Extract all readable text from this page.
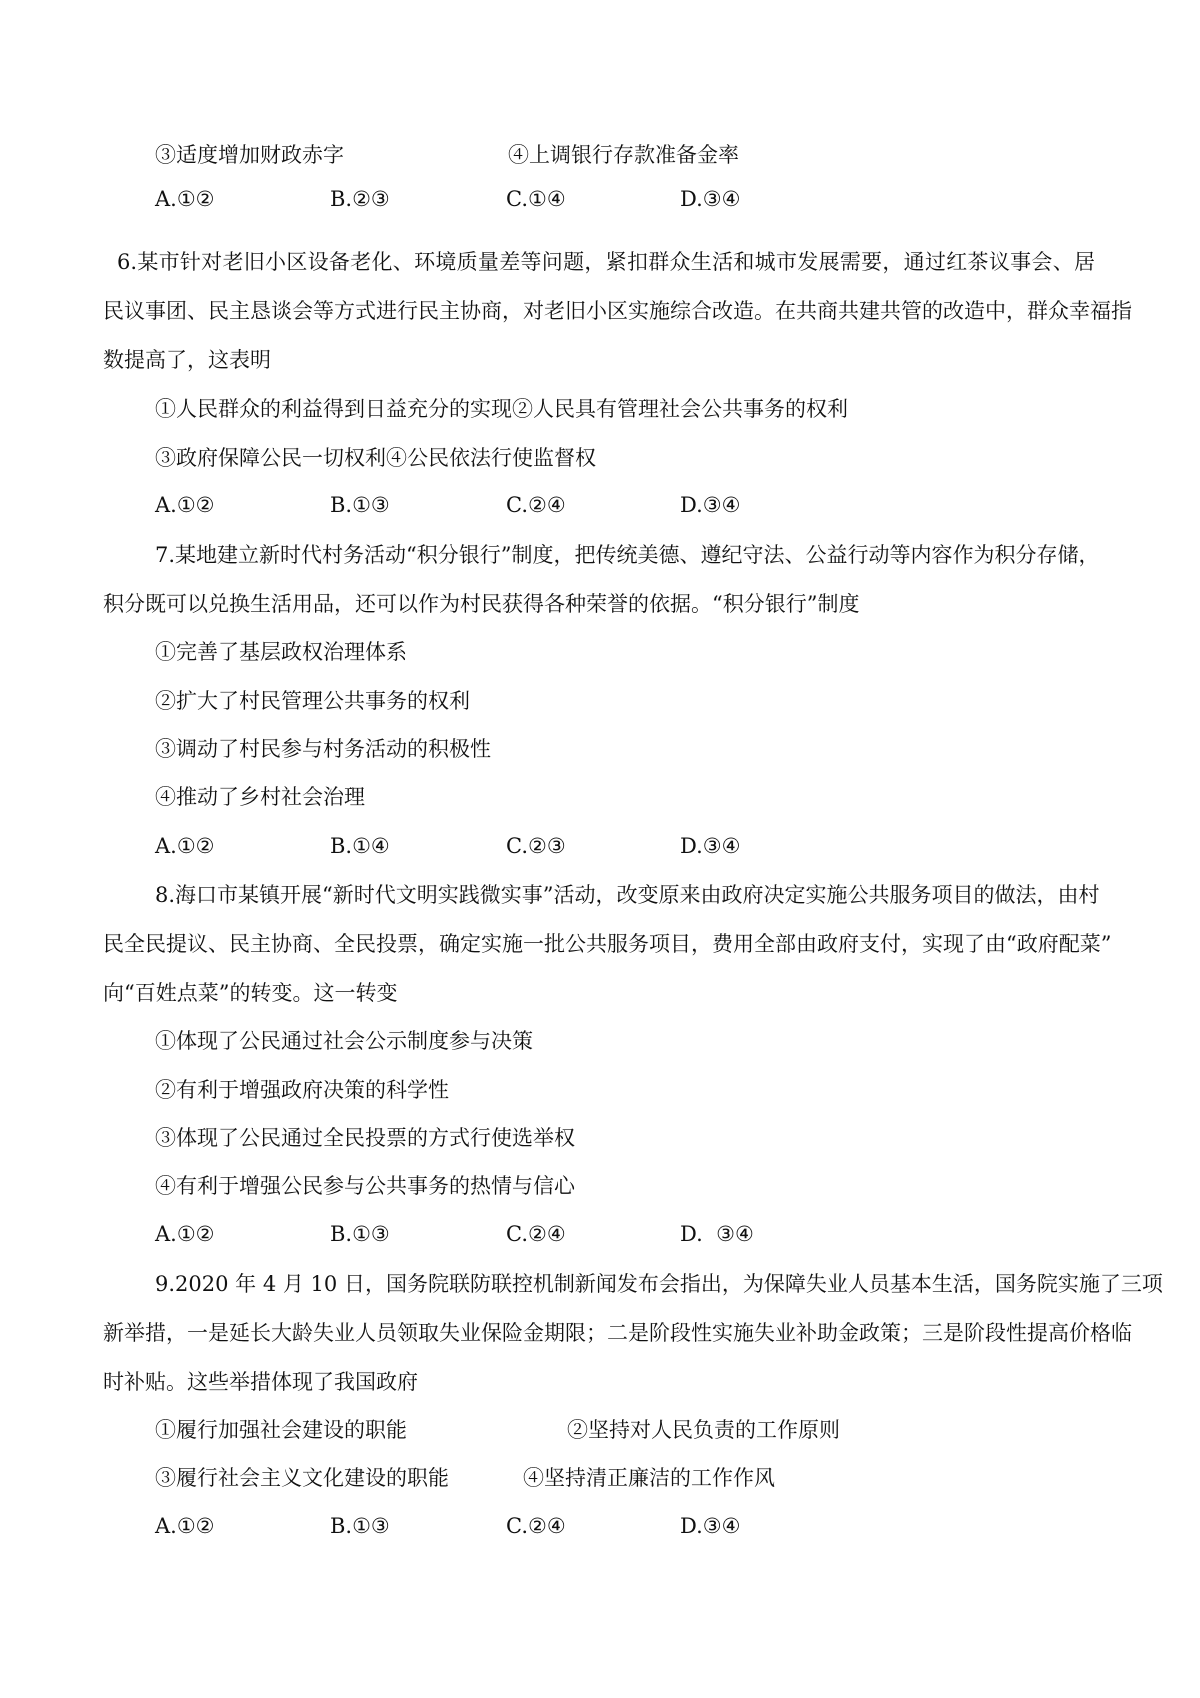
③适度增加财政赤字	④上调银行存款准备金率
A.①②	B.②③	C.①④	D.③④
6.某市针对老旧小区设备老化、环境质量差等问题，紧扣群众生活和城市发展需要，通过红茶议事会、居
民议事团、民主恳谈会等方式进行民主协商，对老旧小区实施综合改造。在共商共建共管的改造中，群众幸福指
数提高了，这表明
①人民群众的利益得到日益充分的实现②人民具有管理社会公共事务的权利
③政府保障公民一切权利④公民依法行使监督权
A.①②	B.①③	C.②④	D.③④
7.某地建立新时代村务活动“积分银行”制度，把传统美德、遵纪守法、公益行动等内容作为积分存储，
积分既可以兑换生活用品，还可以作为村民获得各种荣誉的依据。“积分银行”制度
①完善了基层政权治理体系
②扩大了村民管理公共事务的权利
③调动了村民参与村务活动的积极性
④推动了乡村社会治理
A.①②	B.①④	C.②③	D.③④
8.海口市某镇开展“新时代文明实践微实事”活动，改变原来由政府决定实施公共服务项目的做法，由村
民全民提议、民主协商、全民投票，确定实施一批公共服务项目，费用全部由政府支付，实现了由“政府配菜”
向“百姓点菜”的转变。这一转变
①体现了公民通过社会公示制度参与决策
②有利于增强政府决策的科学性
③体现了公民通过全民投票的方式行使选举权
④有利于增强公民参与公共事务的热情与信心
A.①②	B.①③	C.②④	D.  ③④
9.2020 年 4 月 10 日，国务院联防联控机制新闻发布会指出，为保障失业人员基本生活，国务院实施了三项
新举措，一是延长大龄失业人员领取失业保险金期限；二是阶段性实施失业补助金政策；三是阶段性提高价格临
时补贴。这些举措体现了我国政府
①履行加强社会建设的职能	②坚持对人民负责的工作原则
③履行社会主义文化建设的职能	④坚持清正廉洁的工作作风
A.①②	B.①③	C.②④	D.③④
